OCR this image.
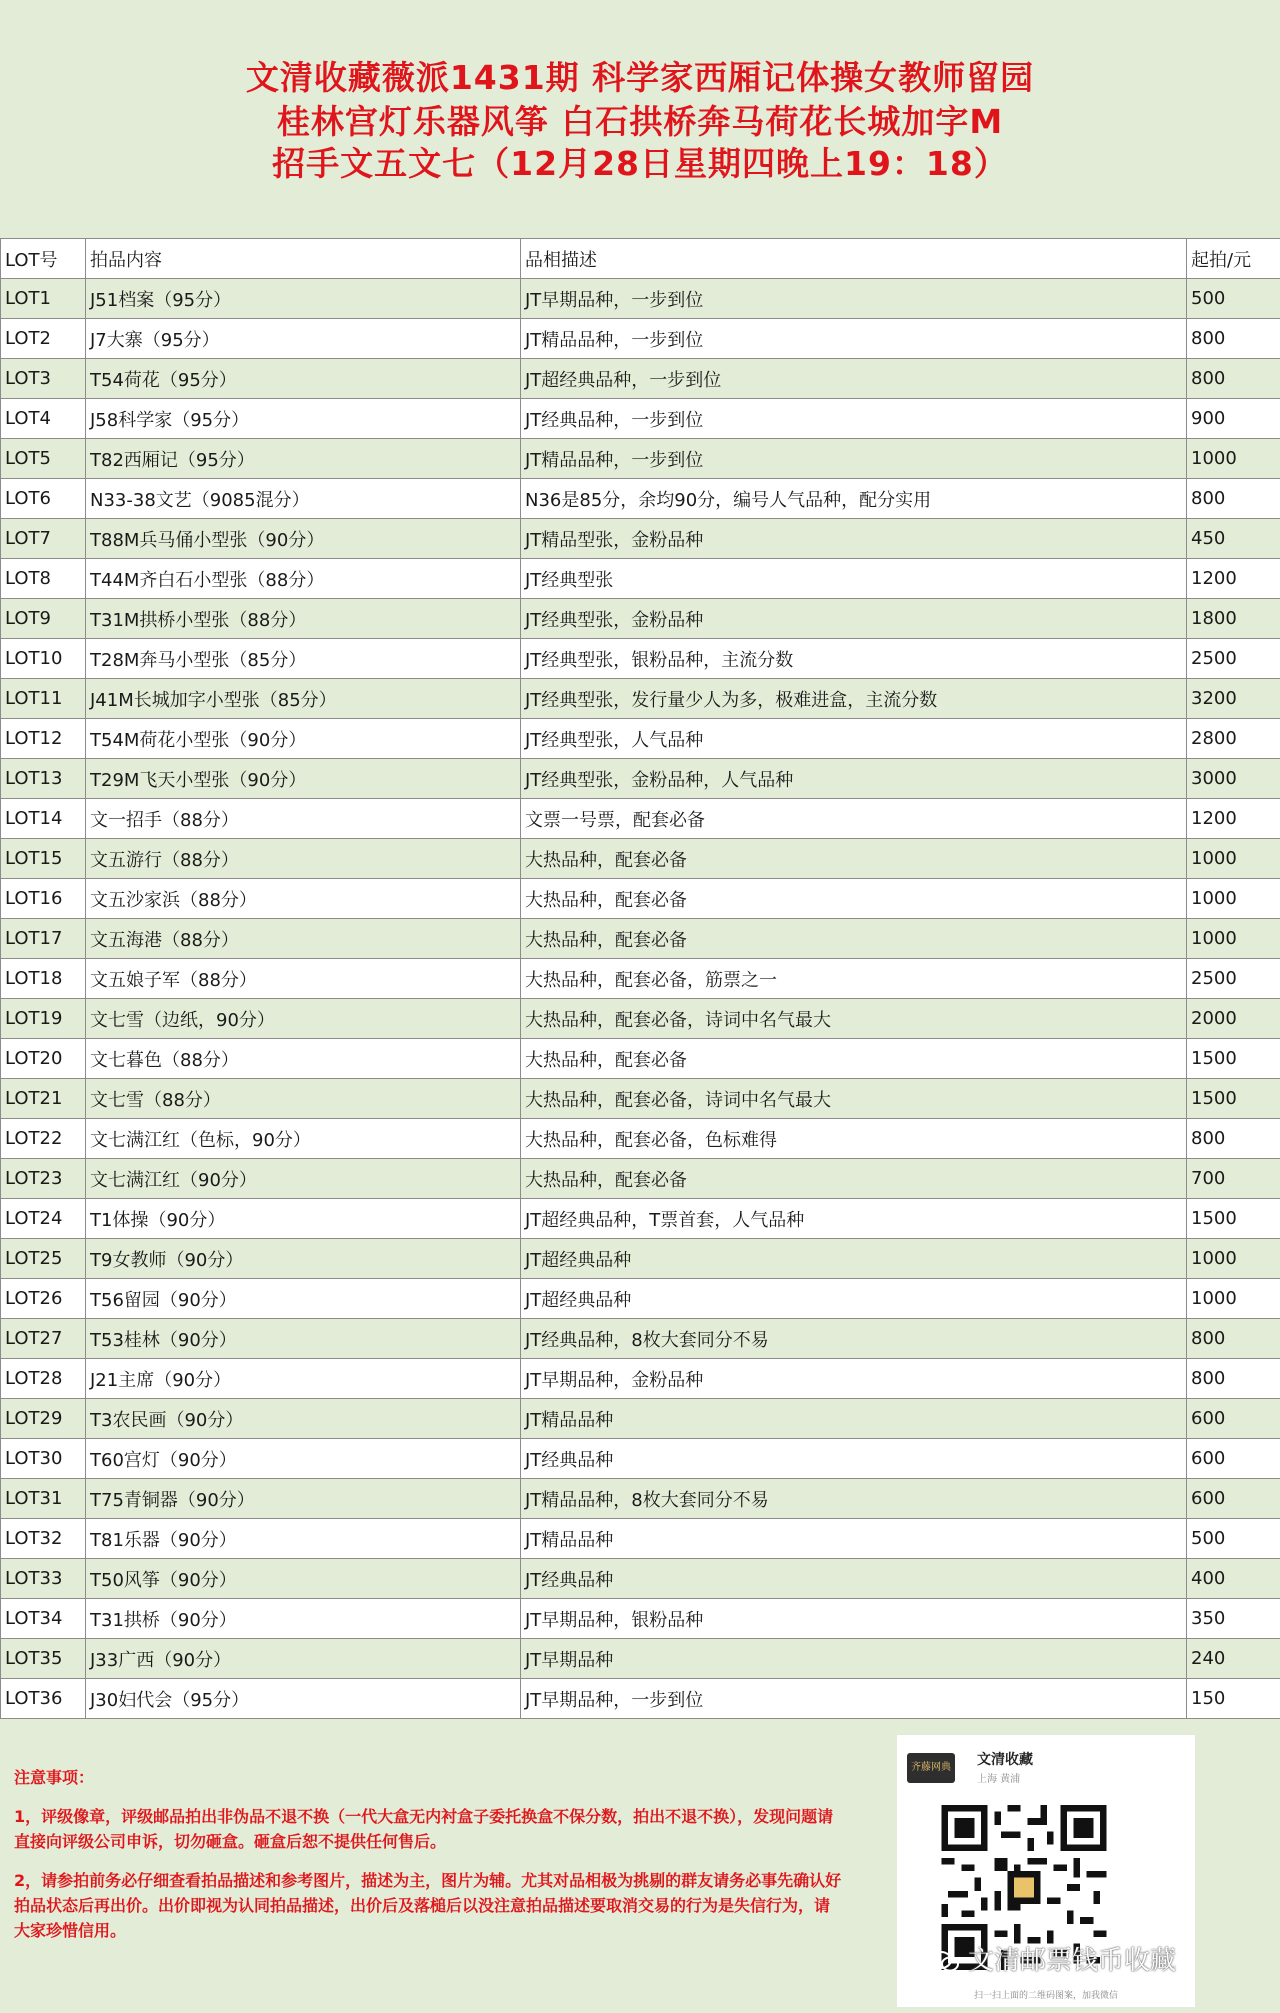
文清收藏薇派1431期 科学家西厢记体操女教师留园
桂林宫灯乐器风筝 白石拱桥奔马荷花长城加字M
招手文五文七（12月28日星期四晚上19：18）
LOT号	拍品内容	品相描述	起拍/元
LOT1	J51档案（95分）	JT早期品种，一步到位	500
LOT2	J7大寨（95分）	JT精品品种，一步到位	800
LOT3	T54荷花（95分）	JT超经典品种，一步到位	800
LOT4	J58科学家（95分）	JT经典品种，一步到位	900
LOT5	T82西厢记（95分）	JT精品品种，一步到位	1000
LOT6	N33-38文艺（9085混分）	N36是85分，余均90分，编号人气品种，配分实用	800
LOT7	T88M兵马俑小型张（90分）	JT精品型张，金粉品种	450
LOT8	T44M齐白石小型张（88分）	JT经典型张	1200
LOT9	T31M拱桥小型张（88分）	JT经典型张，金粉品种	1800
LOT10	T28M奔马小型张（85分）	JT经典型张，银粉品种，主流分数	2500
LOT11	J41M长城加字小型张（85分）	JT经典型张，发行量少人为多，极难进盒，主流分数	3200
LOT12	T54M荷花小型张（90分）	JT经典型张，人气品种	2800
LOT13	T29M飞天小型张（90分）	JT经典型张，金粉品种，人气品种	3000
LOT14	文一招手（88分）	文票一号票，配套必备	1200
LOT15	文五游行（88分）	大热品种，配套必备	1000
LOT16	文五沙家浜（88分）	大热品种，配套必备	1000
LOT17	文五海港（88分）	大热品种，配套必备	1000
LOT18	文五娘子军（88分）	大热品种，配套必备，筋票之一	2500
LOT19	文七雪（边纸，90分）	大热品种，配套必备，诗词中名气最大	2000
LOT20	文七暮色（88分）	大热品种，配套必备	1500
LOT21	文七雪（88分）	大热品种，配套必备，诗词中名气最大	1500
LOT22	文七满江红（色标，90分）	大热品种，配套必备，色标难得	800
LOT23	文七满江红（90分）	大热品种，配套必备	700
LOT24	T1体操（90分）	JT超经典品种，T票首套，人气品种	1500
LOT25	T9女教师（90分）	JT超经典品种	1000
LOT26	T56留园（90分）	JT超经典品种	1000
LOT27	T53桂林（90分）	JT经典品种，8枚大套同分不易	800
LOT28	J21主席（90分）	JT早期品种，金粉品种	800
LOT29	T3农民画（90分）	JT精品品种	600
LOT30	T60宫灯（90分）	JT经典品种	600
LOT31	T75青铜器（90分）	JT精品品种，8枚大套同分不易	600
LOT32	T81乐器（90分）	JT精品品种	500
LOT33	T50风筝（90分）	JT经典品种	400
LOT34	T31拱桥（90分）	JT早期品种，银粉品种	350
LOT35	J33广西（90分）	JT早期品种	240
LOT36	J30妇代会（95分）	JT早期品种，一步到位	150
注意事项：

1，评级像章，评级邮品拍出非伪品不退不换（一代大盒无内衬盒子委托换盒不保分数，拍出不退不换），发现问题请直接向评级公司申诉，切勿砸盒。砸盒后恕不提供任何售后。

2，请参拍前务必仔细查看拍品描述和参考图片，描述为主，图片为辅。尤其对品相极为挑剔的群友请务必事先确认好拍品状态后再出价。出价即视为认同拍品描述，出价后及落槌后以没注意拍品描述要取消交易的行为是失信行为，请大家珍惜信用。

齐藤网典 文清收藏
上海 黄浦
扫一扫上面的二维码图案，加我微信
文清邮票钱币收藏
